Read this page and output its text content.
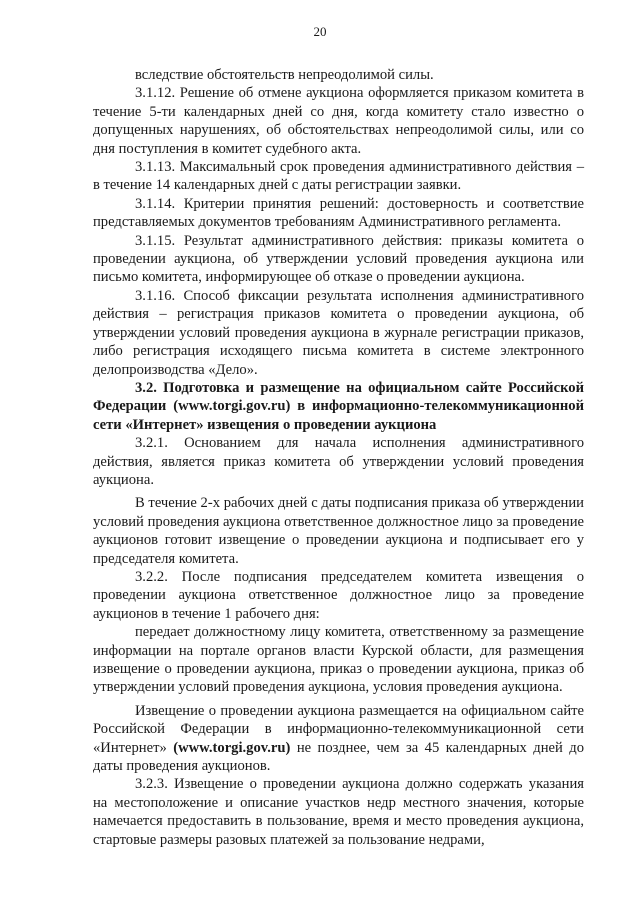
20

вследствие обстоятельств непреодолимой силы.

3.1.12. Решение об отмене аукциона оформляется приказом комитета в течение 5-ти календарных дней со дня, когда комитету стало известно о допущенных нарушениях, об обстоятельствах непреодолимой силы, или со дня поступления в комитет судебного акта.

3.1.13. Максимальный срок проведения административного действия – в течение 14 календарных дней с даты регистрации заявки.

3.1.14. Критерии принятия решений: достоверность и соответствие представляемых документов требованиям Административного регламента.

3.1.15. Результат административного действия: приказы комитета о проведении аукциона, об утверждении условий проведения аукциона или письмо комитета, информирующее об отказе о проведении аукциона.

3.1.16. Способ фиксации результата исполнения административного действия – регистрация приказов комитета о проведении аукциона, об утверждении условий проведения аукциона в журнале регистрации приказов, либо регистрация исходящего письма комитета в системе электронного делопроизводства «Дело».

3.2. Подготовка и размещение на официальном сайте Российской Федерации (www.torgi.gov.ru) в информационно-телекоммуникационной сети «Интернет» извещения о проведении аукциона

3.2.1. Основанием для начала исполнения административного действия, является приказ комитета об утверждении условий проведения аукциона.

В течение 2-х рабочих дней с даты подписания приказа об утверждении условий проведения аукциона ответственное должностное лицо за проведение аукционов готовит извещение о проведении аукциона и подписывает его у председателя комитета.

3.2.2. После подписания председателем комитета извещения о проведении аукциона ответственное должностное лицо за проведение аукционов в течение 1 рабочего дня:

передает должностному лицу комитета, ответственному за размещение информации на портале органов власти Курской области, для размещения извещение о проведении аукциона, приказ о проведении аукциона, приказ об утверждении условий проведения аукциона, условия проведения аукциона.

Извещение о проведении аукциона размещается на официальном сайте Российской Федерации в информационно-телекоммуникационной сети «Интернет» (www.torgi.gov.ru) не позднее, чем за 45 календарных дней до даты проведения аукционов.

3.2.3. Извещение о проведении аукциона должно содержать указания на местоположение и описание участков недр местного значения, которые намечается предоставить в пользование, время и место проведения аукциона, стартовые размеры разовых платежей за пользование недрами,
